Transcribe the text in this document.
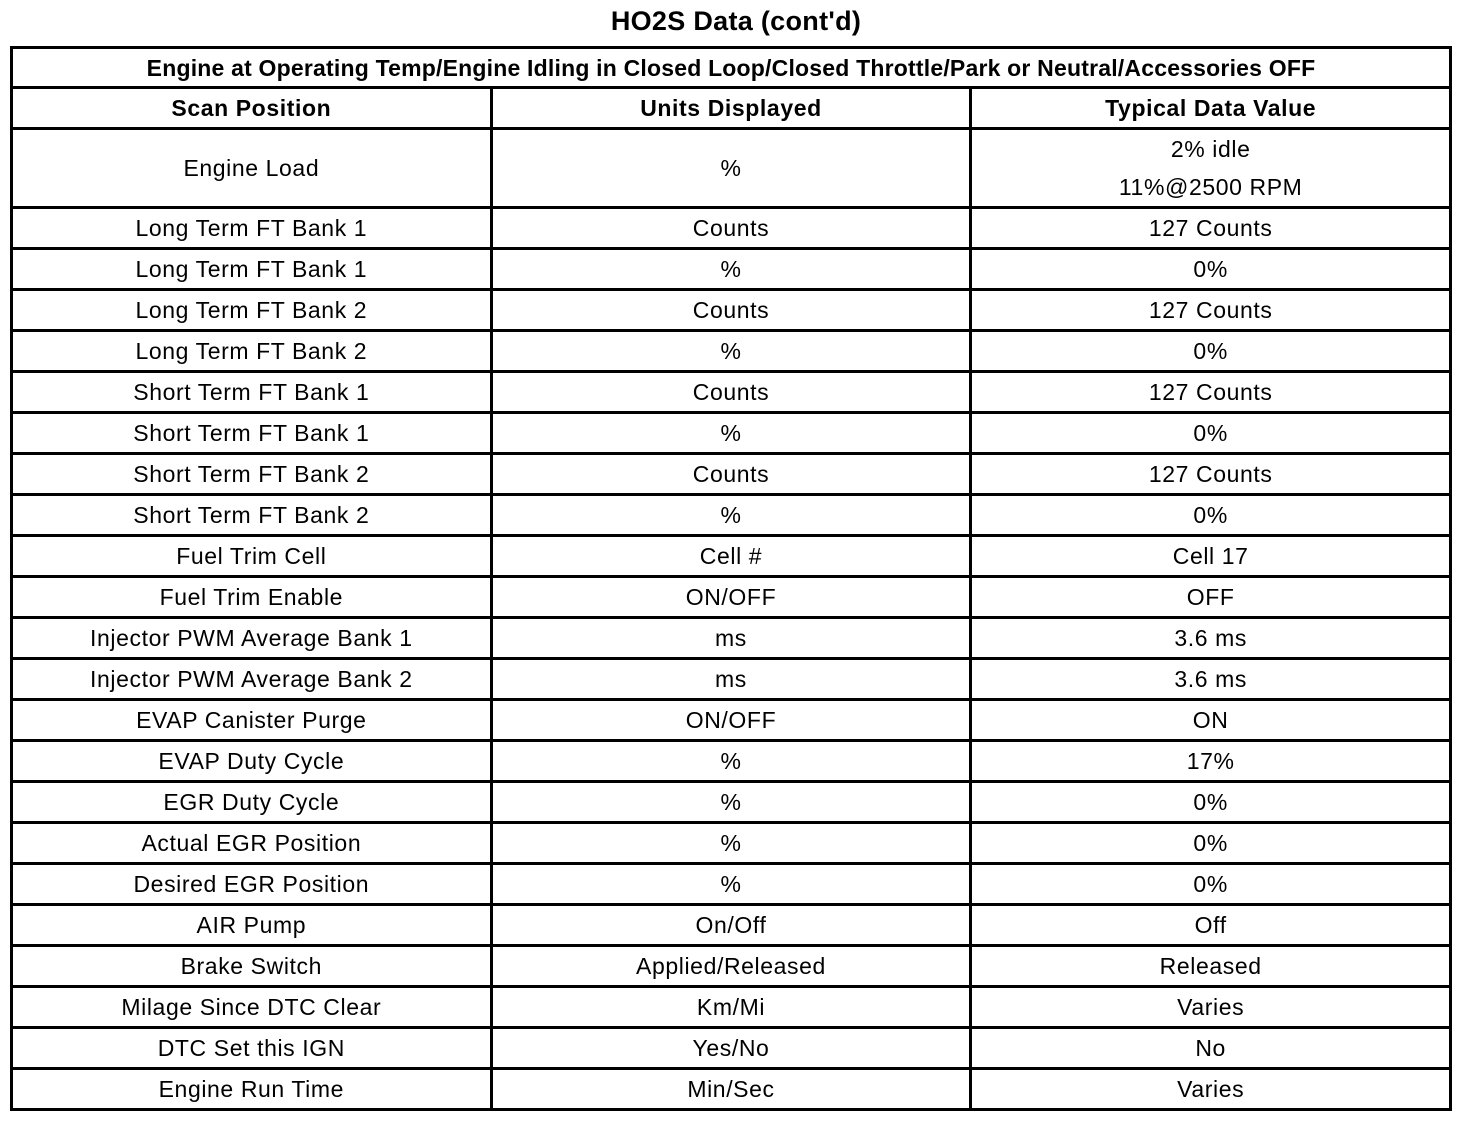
HO2S Data (cont'd)
Engine at Operating Temp/Engine Idling in Closed Loop/Closed Throttle/Park or Neutral/Accessories OFF		
Scan Position	Units Displayed	Typical Data Value
Engine Load	%	2% idle
11%@2500 RPM

Long Term FT Bank 1	Counts	127 Counts
Long Term FT Bank 1	%	0%
Long Term FT Bank 2	Counts	127 Counts
Long Term FT Bank 2	%	0%
Short Term FT Bank 1	Counts	127 Counts
Short Term FT Bank 1	%	0%
Short Term FT Bank 2	Counts	127 Counts
Short Term FT Bank 2	%	0%
Fuel Trim Cell	Cell #	Cell 17
Fuel Trim Enable	ON/OFF	OFF
Injector PWM Average Bank 1	ms	3.6 ms
Injector PWM Average Bank 2	ms	3.6 ms
EVAP Canister Purge	ON/OFF	ON
EVAP Duty Cycle	%	17%
EGR Duty Cycle	%	0%
Actual EGR Position	%	0%
Desired EGR Position	%	0%
AIR Pump	On/Off	Off
Brake Switch	Applied/Released	Released
Milage Since DTC Clear	Km/Mi	Varies
DTC Set this IGN	Yes/No	No
Engine Run Time	Min/Sec	Varies
